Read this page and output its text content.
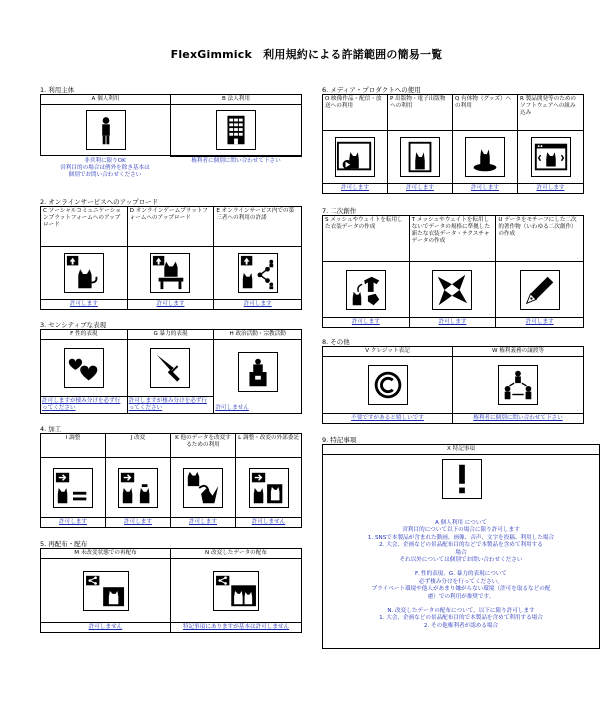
FlexGimmick　利用規約による許諾範囲の簡易一覧
1. 利用主体
A 個人利用	B 法人利用
権利者に個別に問い合わせて下さい
非営利に限りOK
営利目的の場合は例外を除き基本は
個別でお問い合わせください
2. オンラインサービスへのアップロード
C ソーシャルコミュニケーションプラットフォームへのアップロード
許可します
D オンラインゲームプラットフォームへのアップロード
許可します
E オンラインサービス内での第三者への利用の許諾
許可します
3. センシティブな表現
F 性的表現
許可しますが棲み分けを必ず行ってください
G 暴力的表現
許可しますが棲み分けを必ず行ってください
H 政治活動・宗教活動
許可しません
4. 加工
I 調整
許可します
J 改変
許可します
K 他のデータを改変するための利用
許可します
L 調整・改変の外部委託
許可しません
5. 再配布・配布
M 未改変状態での再配布
許可しません
N 改変したデータの配布
特記事項にありますが基本は許可しません
6. メディア・プロダクトへの使用
O 映像作品・配信・放送への利用
許可します
P 出版物・電子出版物への利用
許可します
Q 有体物（グッズ）への利用
許可します
R 製品開発等のためのソフトウェアへの組み込み
許可します
7. 二次創作
S メッシュやウェイトを転用した衣装データの作成
許可します
T メッシュやウェイトを転用しないでデータの規格に準拠した新たな衣装データ・テクスチャデータの作成
許可します
U データをモチーフにした二次的著作物（いわゆる二次創作）の作成
許可します
8. その他
V クレジット表記
不要ですがあると嬉しいです
W 権利義務の譲渡等
権利者に個別に問い合わせて下さい
9. 特記事項
X 特記事項
A 個人利用 について
営利目的について以下の場合に限り許可します
1. SNSで本製品が含まれた動画、画像、音声、文字を投稿、利用した場合
2. 大会、企画などの景品配布目的などで本製品を含めて利用する
場合
それ以外については個別でお問い合わせください
F. 性的表現、G. 暴力的表現について
必ず棲み分けを行ってください。
プライベート環境や他人があまり嫌がらない環境（許可を取るなどの配
慮）での利用が推奨です。
N. 改変したデータの配布について、以下に限り許可します
1. 大会、企画などの景品配布目的で本製品を含めて利用する場合
2. その他権利者が認める場合
